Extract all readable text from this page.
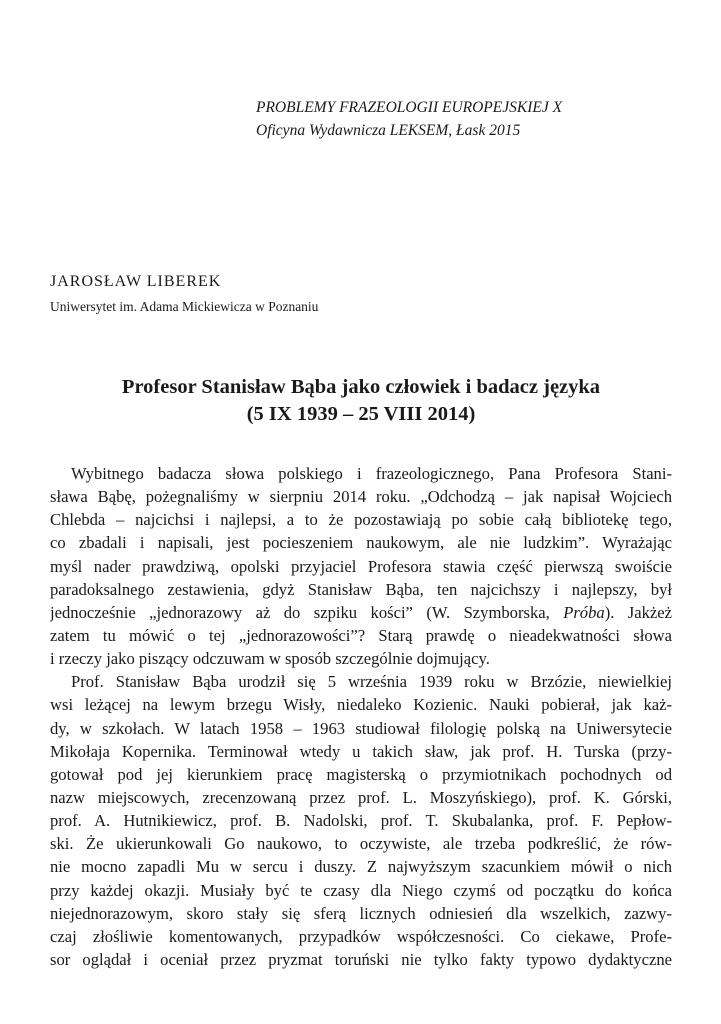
PROBLEMY FRAZEOLOGII EUROPEJSKIEJ X
Oficyna Wydawnicza LEKSEM, Łask 2015
JAROSŁAW LIBEREK
Uniwersytet im. Adama Mickiewicza w Poznaniu
Profesor Stanisław Bąba jako człowiek i badacz języka
(5 IX 1939 – 25 VIII 2014)
Wybitnego badacza słowa polskiego i frazeologicznego, Pana Profesora Stani-
sława Bąbę, pożegnaliśmy w sierpniu 2014 roku. „Odchodzą – jak napisał Wojciech
Chlebda – najcichsi i najlepsi, a to że pozostawiają po sobie całą bibliotekę tego,
co zbadali i napisali, jest pocieszeniem naukowym, ale nie ludzkim”. Wyrażając
myśl nader prawdziwą, opolski przyjaciel Profesora stawia część pierwszą swoiście
paradoksalnego zestawienia, gdyż Stanisław Bąba, ten najcichszy i najlepszy, był
jednocześnie „jednorazowy aż do szpiku kości” (W. Szymborska, Próba). Jakżeż
zatem tu mówić o tej „jednorazowości”? Starą prawdę o nieadekwatności słowa
i rzeczy jako piszący odczuwam w sposób szczególnie dojmujący.
Prof. Stanisław Bąba urodził się 5 września 1939 roku w Brzózie, niewielkiej
wsi leżącej na lewym brzegu Wisły, niedaleko Kozienic. Nauki pobierał, jak każ-
dy, w szkołach. W latach 1958 – 1963 studiował filologię polską na Uniwersytecie
Mikołaja Kopernika. Terminował wtedy u takich sław, jak prof. H. Turska (przy-
gotował pod jej kierunkiem pracę magisterską o przymiotnikach pochodnych od
nazw miejscowych, zrecenzowaną przez prof. L. Moszyńskiego), prof. K. Górski,
prof. A. Hutnikiewicz, prof. B. Nadolski, prof. T. Skubalanka, prof. F. Pepłow-
ski. Że ukierunkowali Go naukowo, to oczywiste, ale trzeba podkreślić, że rów-
nie mocno zapadli Mu w sercu i duszy. Z najwyższym szacunkiem mówił o nich
przy każdej okazji. Musiały być te czasy dla Niego czymś od początku do końca
niejednorazowym, skoro stały się sferą licznych odniesień dla wszelkich, zazwy-
czaj złośliwie komentowanych, przypadków współczesności. Co ciekawe, Profe-
sor oglądał i oceniał przez pryzmat toruński nie tylko fakty typowo dydaktyczne
